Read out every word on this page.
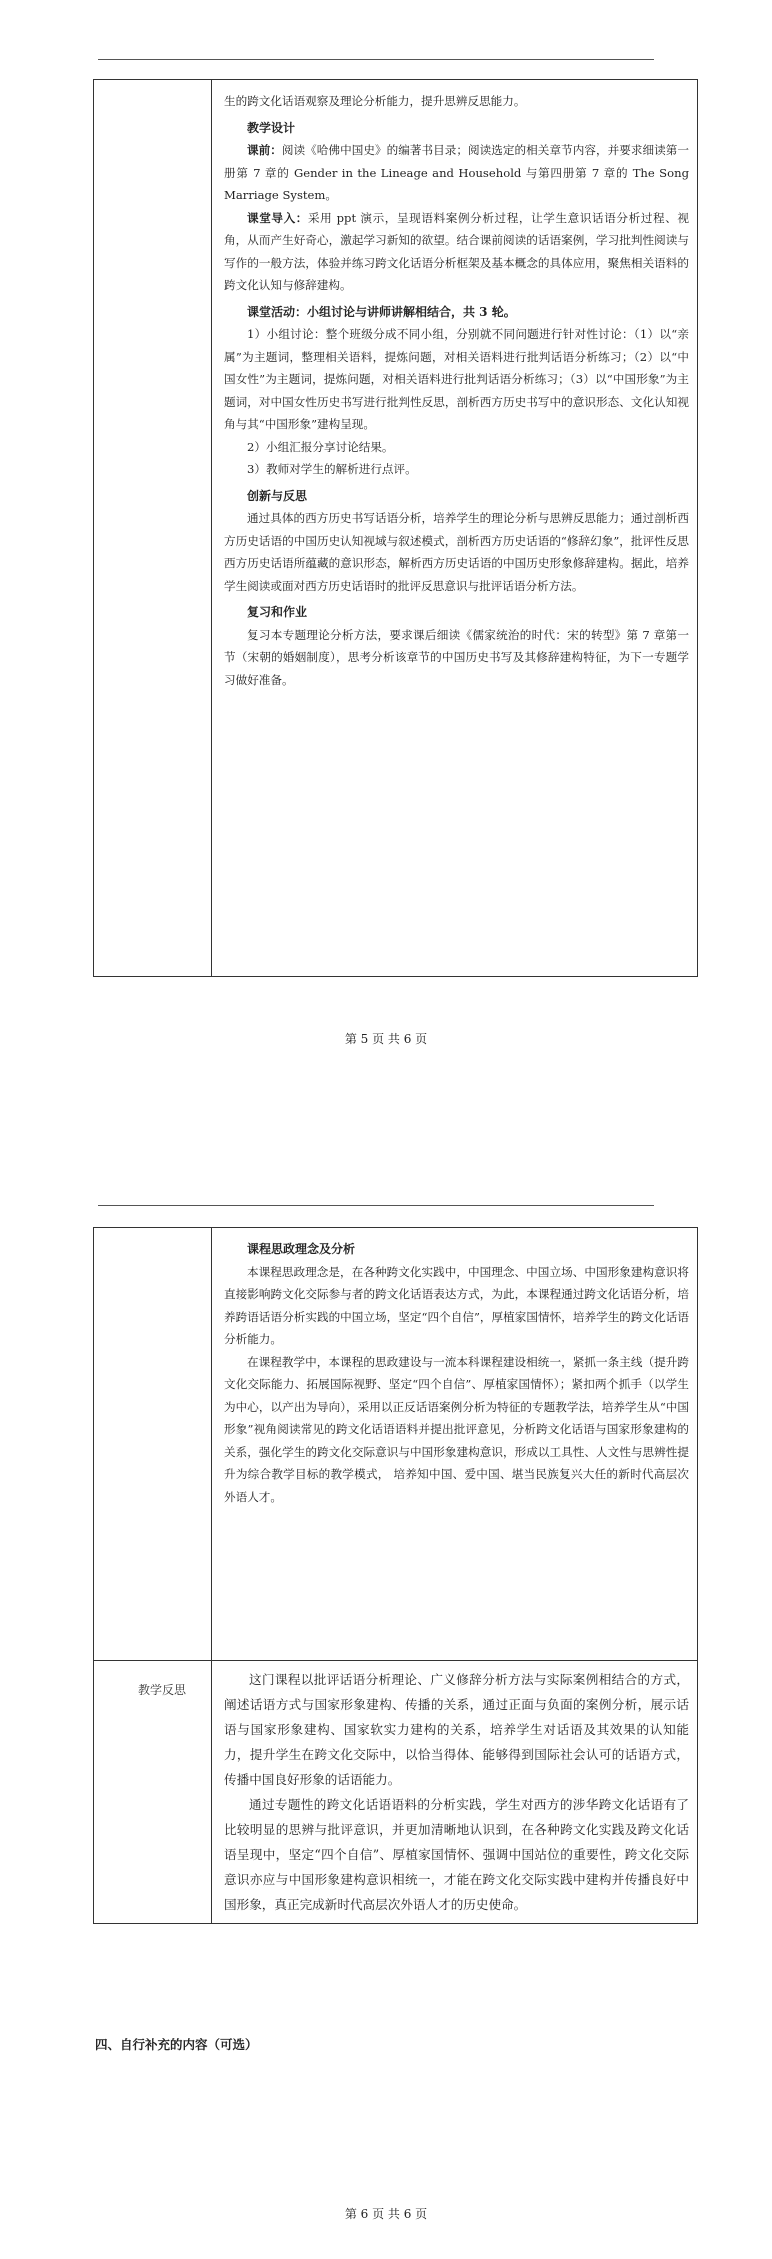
生的跨文化话语观察及理论分析能力，提升思辨反思能力。

教学设计

课前：阅读《哈佛中国史》的编著书目录；阅读选定的相关章节内容，并要求细读第一册第 7 章的 Gender in the Lineage and Household 与第四册第 7 章的 The Song Marriage System。

课堂导入：采用 ppt 演示，呈现语料案例分析过程，让学生意识话语分析过程、视角，从而产生好奇心，激起学习新知的欲望。结合课前阅读的话语案例，学习批判性阅读与写作的一般方法，体验并练习跨文化话语分析框架及基本概念的具体应用，聚焦相关语料的跨文化认知与修辞建构。

课堂活动：小组讨论与讲师讲解相结合，共 3 轮。

1）小组讨论：整个班级分成不同小组，分别就不同问题进行针对性讨论：（1）以“亲属”为主题词，整理相关语料，提炼问题，对相关语料进行批判话语分析练习；（2）以“中国女性”为主题词，提炼问题，对相关语料进行批判话语分析练习；（3）以“中国形象”为主题词，对中国女性历史书写进行批判性反思，剖析西方历史书写中的意识形态、文化认知视角与其“中国形象”建构呈现。

2）小组汇报分享讨论结果。

3）教师对学生的解析进行点评。

创新与反思

通过具体的西方历史书写话语分析，培养学生的理论分析与思辨反思能力；通过剖析西方历史话语的中国历史认知视域与叙述模式，剖析西方历史话语的“修辞幻象”，批评性反思西方历史话语所蕴藏的意识形态，解析西方历史话语的中国历史形象修辞建构。据此，培养学生阅读或面对西方历史话语时的批评反思意识与批评话语分析方法。

复习和作业

复习本专题理论分析方法，要求课后细读《儒家统治的时代：宋的转型》第 7 章第一节（宋朝的婚姻制度），思考分析该章节的中国历史书写及其修辞建构特征，为下一专题学习做好准备。

第 5 页 共 6 页

	课程思政理念及分析

本课程思政理念是，在各种跨文化实践中，中国理念、中国立场、中国形象建构意识将直接影响跨文化交际参与者的跨文化话语表达方式，为此，本课程通过跨文化话语分析，培养跨语话语分析实践的中国立场，坚定“四个自信”，厚植家国情怀，培养学生的跨文化话语分析能力。

在课程教学中，本课程的思政建设与一流本科课程建设相统一，紧抓一条主线（提升跨文化交际能力、拓展国际视野、坚定“四个自信”、厚植家国情怀）；紧扣两个抓手（以学生为中心，以产出为导向），采用以正反话语案例分析为特征的专题教学法，培养学生从“中国形象”视角阅读常见的跨文化话语语料并提出批评意见，分析跨文化话语与国家形象建构的关系，强化学生的跨文化交际意识与中国形象建构意识，形成以工具性、人文性与思辨性提升为综合教学目标的教学模式， 培养知中国、爱中国、堪当民族复兴大任的新时代高层次外语人才。

教学反思	这门课程以批评话语分析理论、广义修辞分析方法与实际案例相结合的方式，阐述话语方式与国家形象建构、传播的关系，通过正面与负面的案例分析，展示话语与国家形象建构、国家软实力建构的关系，培养学生对话语及其效果的认知能力，提升学生在跨文化交际中，以恰当得体、能够得到国际社会认可的话语方式，传播中国良好形象的话语能力。

通过专题性的跨文化话语语料的分析实践，学生对西方的涉华跨文化话语有了比较明显的思辨与批评意识，并更加清晰地认识到，在各种跨文化实践及跨文化话语呈现中，坚定“四个自信”、厚植家国情怀、强调中国站位的重要性，跨文化交际意识亦应与中国形象建构意识相统一，才能在跨文化交际实践中建构并传播良好中国形象，真正完成新时代高层次外语人才的历史使命。

四、自行补充的内容（可选）
第 6 页 共 6 页
